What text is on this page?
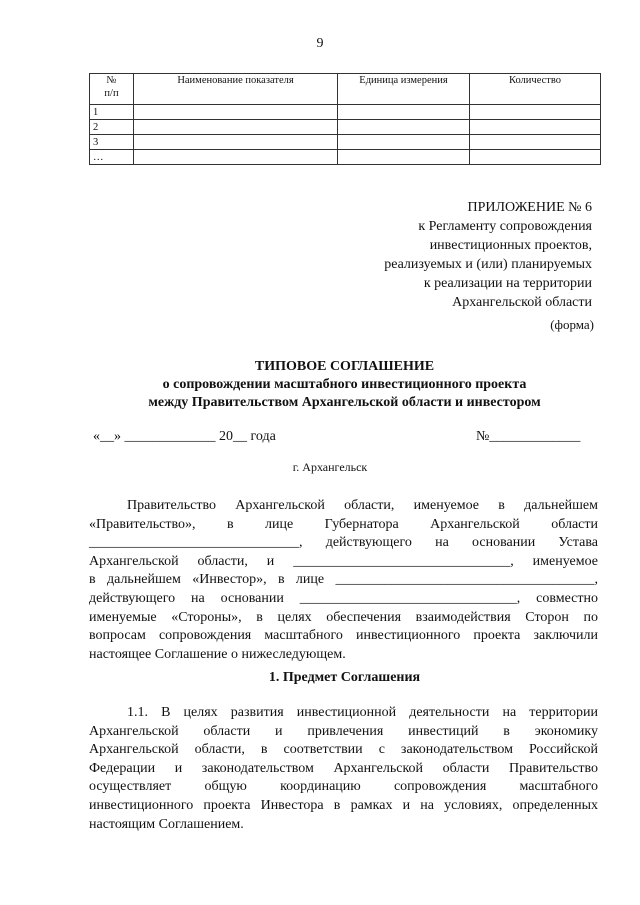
9
№
п/п	Наименование показателя	Единица измерения	Количество
1			
2			
3			
…			
ПРИЛОЖЕНИЕ № 6
к Регламенту сопровождения
инвестиционных проектов,
реализуемых и (или) планируемых
к реализации на территории
Архангельской области
(форма)
ТИПОВОЕ СОГЛАШЕНИЕ
о сопровождении масштабного инвестиционного проекта
между Правительством Архангельской области и инвестором
«__» _____________ 20__ года	№_____________
г. Архангельск
Правительство Архангельской области, именуемое в дальнейшем
«Правительство», в лице Губернатора Архангельской области
______________________________, действующего на основании Устава
Архангельской области, и _______________________________, именуемое
в дальнейшем «Инвестор», в лице _____________________________________,
действующего на основании _______________________________, совместно
именуемые «Стороны», в целях обеспечения взаимодействия Сторон по
вопросам сопровождения масштабного инвестиционного проекта заключили
настоящее Соглашение о нижеследующем.
1. Предмет Соглашения
1.1. В целях развития инвестиционной деятельности на территории
Архангельской области и привлечения инвестиций в экономику
Архангельской области, в соответствии с законодательством Российской
Федерации и законодательством Архангельской области Правительство
осуществляет общую координацию сопровождения масштабного
инвестиционного проекта Инвестора в рамках и на условиях, определенных
настоящим Соглашением.
